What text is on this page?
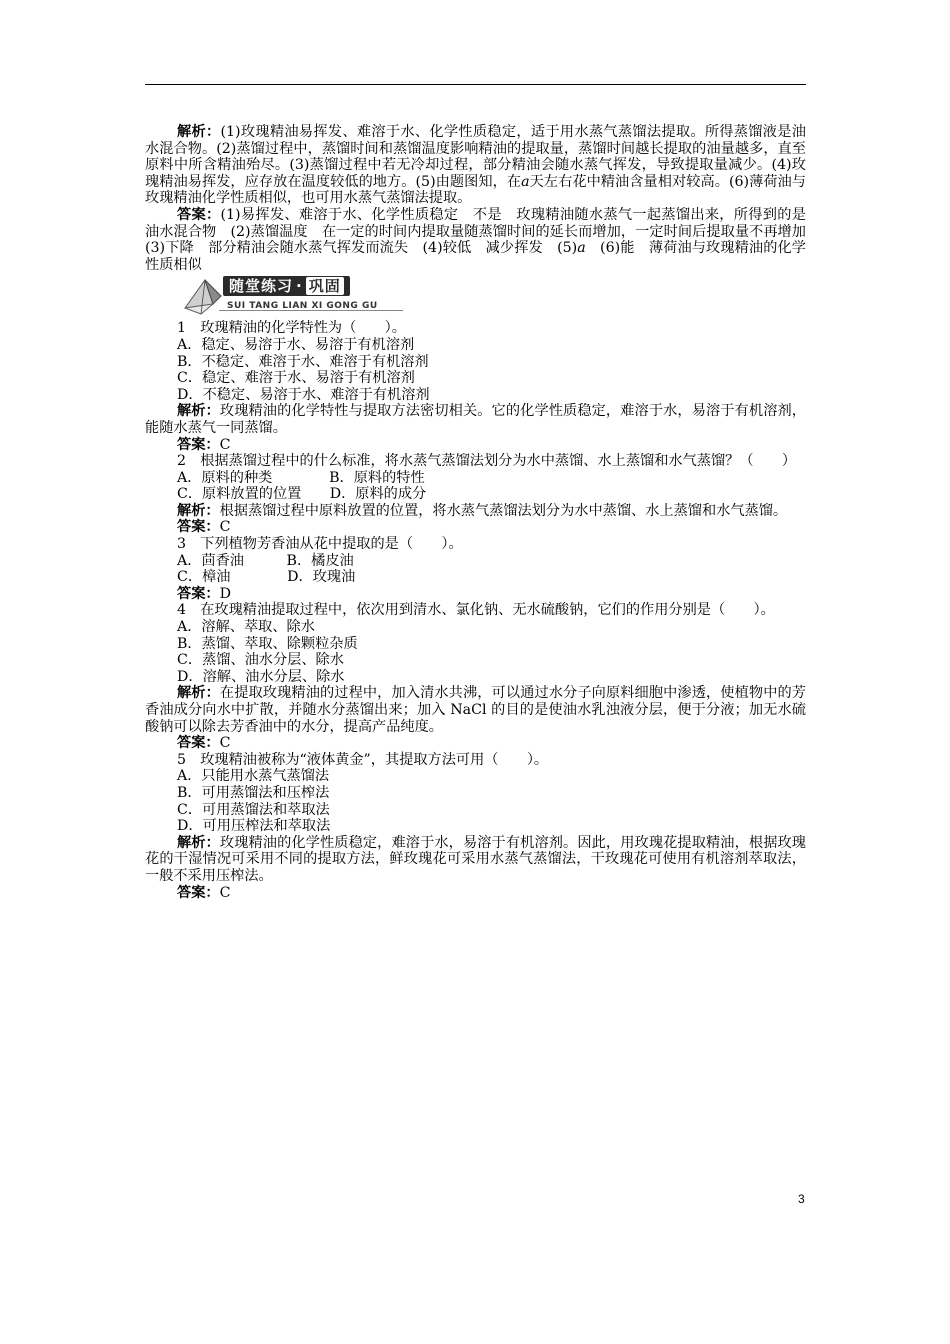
解析：(1)玫瑰精油易挥发、难溶于水、化学性质稳定，适于用水蒸气蒸馏法提取。所得蒸馏液是油水混合物。(2)蒸馏过程中，蒸馏时间和蒸馏温度影响精油的提取量，蒸馏时间越长提取的油量越多，直至原料中所含精油殆尽。(3)蒸馏过程中若无冷却过程，部分精油会随水蒸气挥发，导致提取量减少。(4)玫瑰精油易挥发，应存放在温度较低的地方。(5)由题图知，在a天左右花中精油含量相对较高。(6)薄荷油与玫瑰精油化学性质相似，也可用水蒸气蒸馏法提取。

答案：(1)易挥发、难溶于水、化学性质稳定　不是　玫瑰精油随水蒸气一起蒸馏出来，所得到的是油水混合物　(2)蒸馏温度　在一定的时间内提取量随蒸馏时间的延长而增加，一定时间后提取量不再增加　(3)下降　部分精油会随水蒸气挥发而流失　(4)较低　减少挥发　(5)a　(6)能　薄荷油与玫瑰精油的化学性质相似

随堂练习 · 巩固
SUI TANG LIAN XI GONG GU

1　玫瑰精油的化学特性为（　　）。

A．稳定、易溶于水、易溶于有机溶剂

B．不稳定、难溶于水、难溶于有机溶剂

C．稳定、难溶于水、易溶于有机溶剂

D．不稳定、易溶于水、难溶于有机溶剂

解析：玫瑰精油的化学特性与提取方法密切相关。它的化学性质稳定，难溶于水，易溶于有机溶剂，能随水蒸气一同蒸馏。

答案：C

2　根据蒸馏过程中的什么标准，将水蒸气蒸馏法划分为水中蒸馏、水上蒸馏和水气蒸馏？（　　）

A．原料的种类　　　　B．原料的特性

C．原料放置的位置　　D．原料的成分

解析：根据蒸馏过程中原料放置的位置，将水蒸气蒸馏法划分为水中蒸馏、水上蒸馏和水气蒸馏。

答案：C

3　下列植物芳香油从花中提取的是（　　）。

A．茴香油　　　B．橘皮油

C．樟油　　　　D．玫瑰油

答案：D

4　在玫瑰精油提取过程中，依次用到清水、氯化钠、无水硫酸钠，它们的作用分别是（　　）。

A．溶解、萃取、除水

B．蒸馏、萃取、除颗粒杂质

C．蒸馏、油水分层、除水

D．溶解、油水分层、除水

解析：在提取玫瑰精油的过程中，加入清水共沸，可以通过水分子向原料细胞中渗透，使植物中的芳香油成分向水中扩散，并随水分蒸馏出来；加入 NaCl 的目的是使油水乳浊液分层，便于分液；加无水硫酸钠可以除去芳香油中的水分，提高产品纯度。

答案：C

5　玫瑰精油被称为“液体黄金”，其提取方法可用（　　）。

A．只能用水蒸气蒸馏法

B．可用蒸馏法和压榨法

C．可用蒸馏法和萃取法

D．可用压榨法和萃取法

解析：玫瑰精油的化学性质稳定，难溶于水，易溶于有机溶剂。因此，用玫瑰花提取精油，根据玫瑰花的干湿情况可采用不同的提取方法，鲜玫瑰花可采用水蒸气蒸馏法，干玫瑰花可使用有机溶剂萃取法，一般不采用压榨法。

答案：C

3
